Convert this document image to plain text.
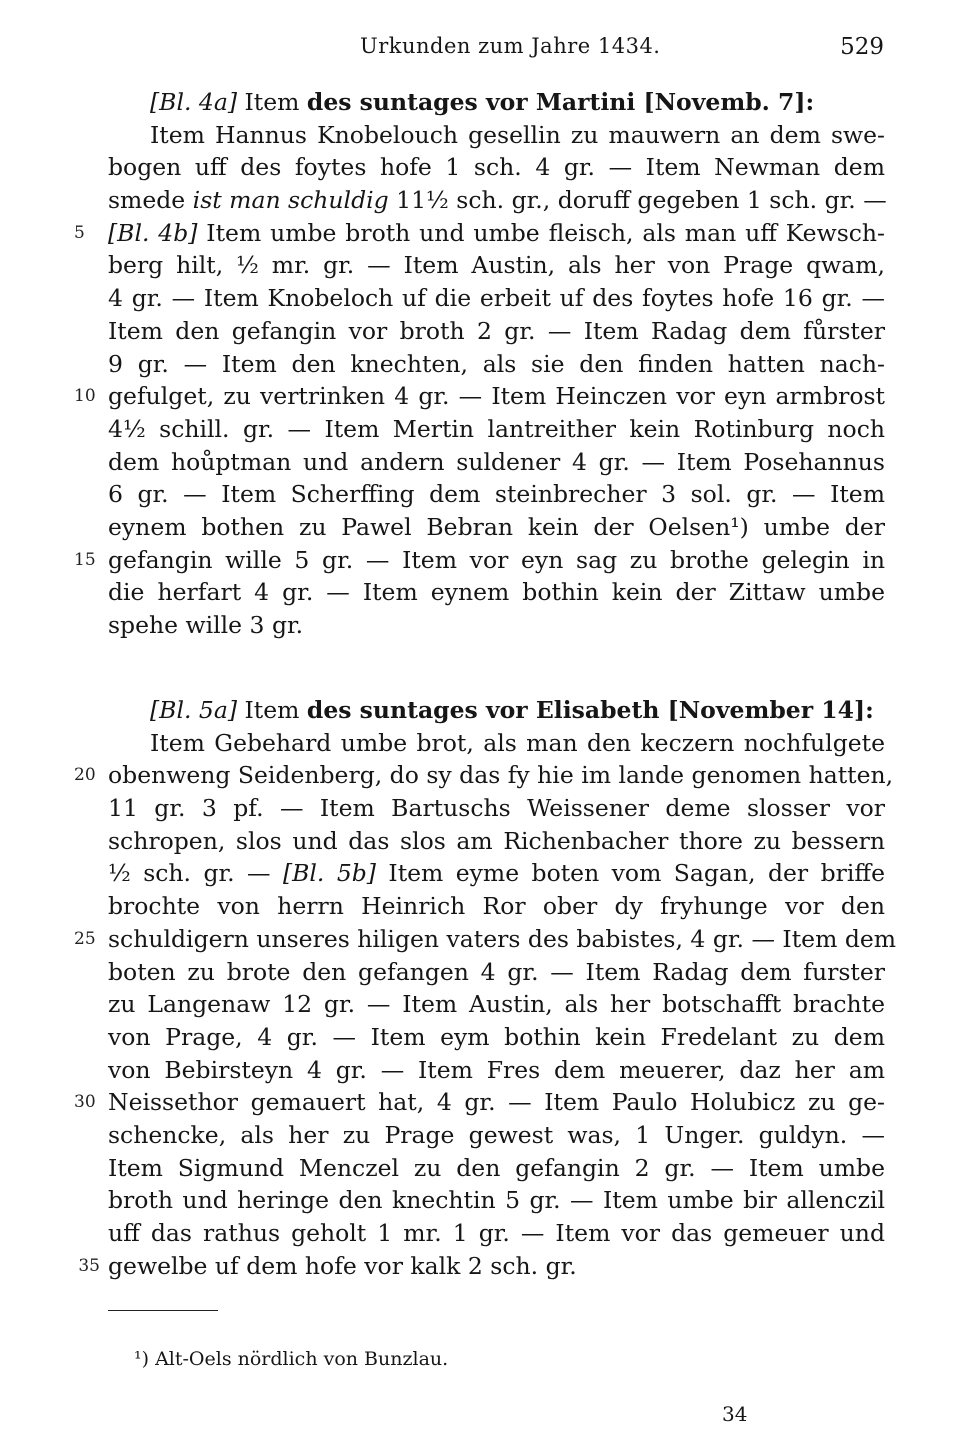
Urkunden zum Jahre 1434.	529
[Bl. 4a] Item des suntages vor Martini [Novemb. 7]:
Item Hannus Knobelouch gesellin zu mauwern an dem swe-
bogen uff des foytes hofe 1 sch. 4 gr. — Item Newman dem
smede ist man schuldig 11½ sch. gr., doruff gegeben 1 sch. gr. —
[Bl. 4b] Item umbe broth und umbe fleisch, als man uff Kewsch-
5
berg hilt, ½ mr. gr. — Item Austin, als her von Prage qwam,
4 gr. — Item Knobeloch uf die erbeit uf des foytes hofe 16 gr. —
Item den gefangin vor broth 2 gr. — Item Radag dem fůrster
9 gr. — Item den knechten, als sie den finden hatten nach-
gefulget, zu vertrinken 4 gr. — Item Heinczen vor eyn armbrost
10
4½ schill. gr. — Item Mertin lantreither kein Rotinburg noch
dem hoůptman und andern suldener 4 gr. — Item Posehannus
6 gr. — Item Scherffing dem steinbrecher 3 sol. gr. — Item
eynem bothen zu Pawel Bebran kein der Oelsen¹) umbe der
gefangin wille 5 gr. — Item vor eyn sag zu brothe gelegin in
15
die herfart 4 gr. — Item eynem bothin kein der Zittaw umbe
spehe wille 3 gr.
[Bl. 5a] Item des suntages vor Elisabeth [November 14]:
Item Gebehard umbe brot, als man den keczern nochfulgete
obenweng Seidenberg, do sy das fy hie im lande genomen hatten,
20
11 gr. 3 pf. — Item Bartuschs Weissener deme slosser vor
schropen, slos und das slos am Richenbacher thore zu bessern
½ sch. gr. — [Bl. 5b] Item eyme boten vom Sagan, der briffe
brochte von herrn Heinrich Ror ober dy fryhunge vor den
schuldigern unseres hiligen vaters des babistes, 4 gr. — Item dem
25
boten zu brote den gefangen 4 gr. — Item Radag dem furster
zu Langenaw 12 gr. — Item Austin, als her botschafft brachte
von Prage, 4 gr. — Item eym bothin kein Fredelant zu dem
von Bebirsteyn 4 gr. — Item Fres dem meuerer, daz her am
Neissethor gemauert hat, 4 gr. — Item Paulo Holubicz zu ge-
30
schencke, als her zu Prage gewest was, 1 Unger. guldyn. —
Item Sigmund Menczel zu den gefangin 2 gr. — Item umbe
broth und heringe den knechtin 5 gr. — Item umbe bir allenczil
uff das rathus geholt 1 mr. 1 gr. — Item vor das gemeuer und
gewelbe uf dem hofe vor kalk 2 sch. gr.
35
¹) Alt-Oels nördlich von Bunzlau.
34
